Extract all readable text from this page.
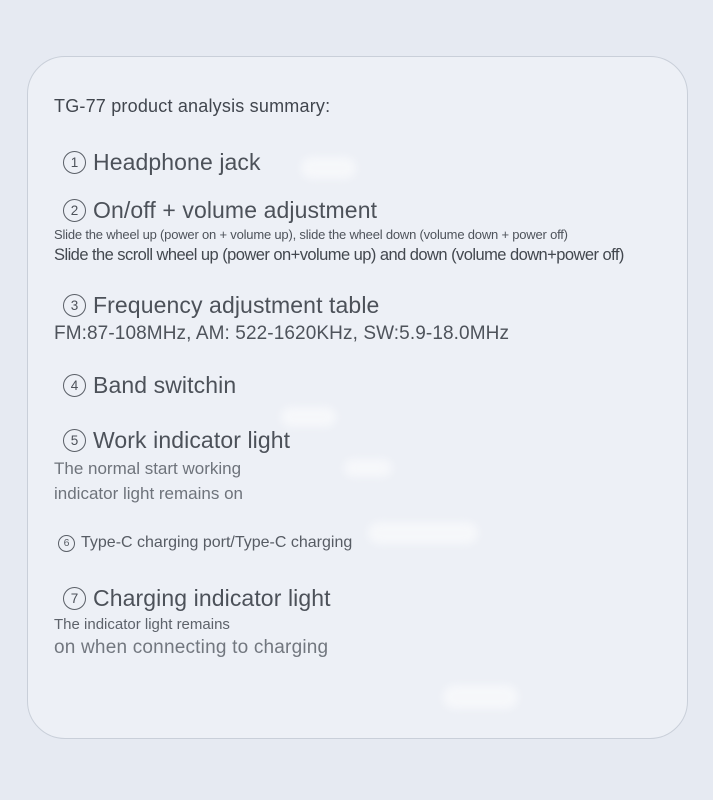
TG-77 product analysis summary:
1 Headphone jack
2 On/off + volume adjustment

Slide the wheel up (power on + volume up), slide the wheel down (volume down + power off)

Slide the scroll wheel up (power on+volume up) and down (volume down+power off)

3 Frequency adjustment table

FM:87-108MHz, AM: 522-1620KHz, SW:5.9-18.0MHz

4 Band switchin
5 Work indicator light

The normal start working

indicator light remains on

6 Type-C charging port/Type-C charging
7 Charging indicator light

The indicator light remains

on when connecting to charging
